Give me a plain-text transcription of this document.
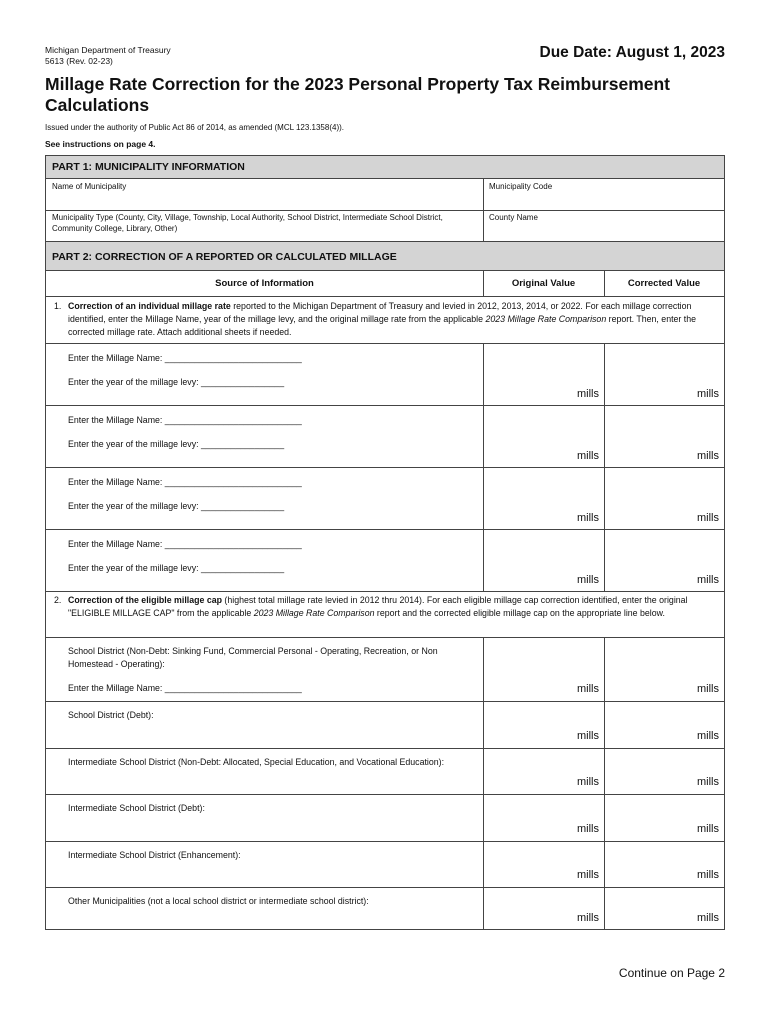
Michigan Department of Treasury
5613 (Rev. 02-23)	Due Date: August 1, 2023
Millage Rate Correction for the 2023 Personal Property Tax Reimbursement Calculations
Issued under the authority of Public Act 86 of 2014, as amended (MCL 123.1358(4)).
See instructions on page 4.
PART 1: MUNICIPALITY INFORMATION
Name of Municipality	Municipality Code
Municipality Type (County, City, Village, Township, Local Authority, School District, Intermediate School District, Community College, Library, Other)
County Name
PART 2: CORRECTION OF A REPORTED OR CALCULATED MILLAGE
Source of Information	Original Value	Corrected Value
1. Correction of an individual millage rate reported to the Michigan Department of Treasury and levied in 2012, 2013, 2014, or 2022. For each millage correction identified, enter the Millage Name, year of the millage levy, and the original millage rate from the applicable 2023 Millage Rate Comparison report. Then, enter the corrected millage rate. Attach additional sheets if needed.
Enter the Millage Name: ____________________________
Enter the year of the millage levy: _________________
mills	mills
Enter the Millage Name: ____________________________
Enter the year of the millage levy: _________________
mills	mills
Enter the Millage Name: ____________________________
Enter the year of the millage levy: _________________
mills	mills
Enter the Millage Name: ____________________________
Enter the year of the millage levy: _________________
mills	mills
2. Correction of the eligible millage cap (highest total millage rate levied in 2012 thru 2014). For each eligible millage cap correction identified, enter the original "ELIGIBLE MILLAGE CAP" from the applicable 2023 Millage Rate Comparison report and the corrected eligible millage cap on the appropriate line below.
School District (Non-Debt: Sinking Fund, Commercial Personal - Operating, Recreation, or Non Homestead - Operating):
Enter the Millage Name: ____________________________	mills	mills
School District (Debt):
mills	mills
Intermediate School District (Non-Debt: Allocated, Special Education, and Vocational Education):
mills	mills
Intermediate School District (Debt):
mills	mills
Intermediate School District (Enhancement):
mills	mills
Other Municipalities (not a local school district or intermediate school district):
mills	mills
Continue on Page 2
